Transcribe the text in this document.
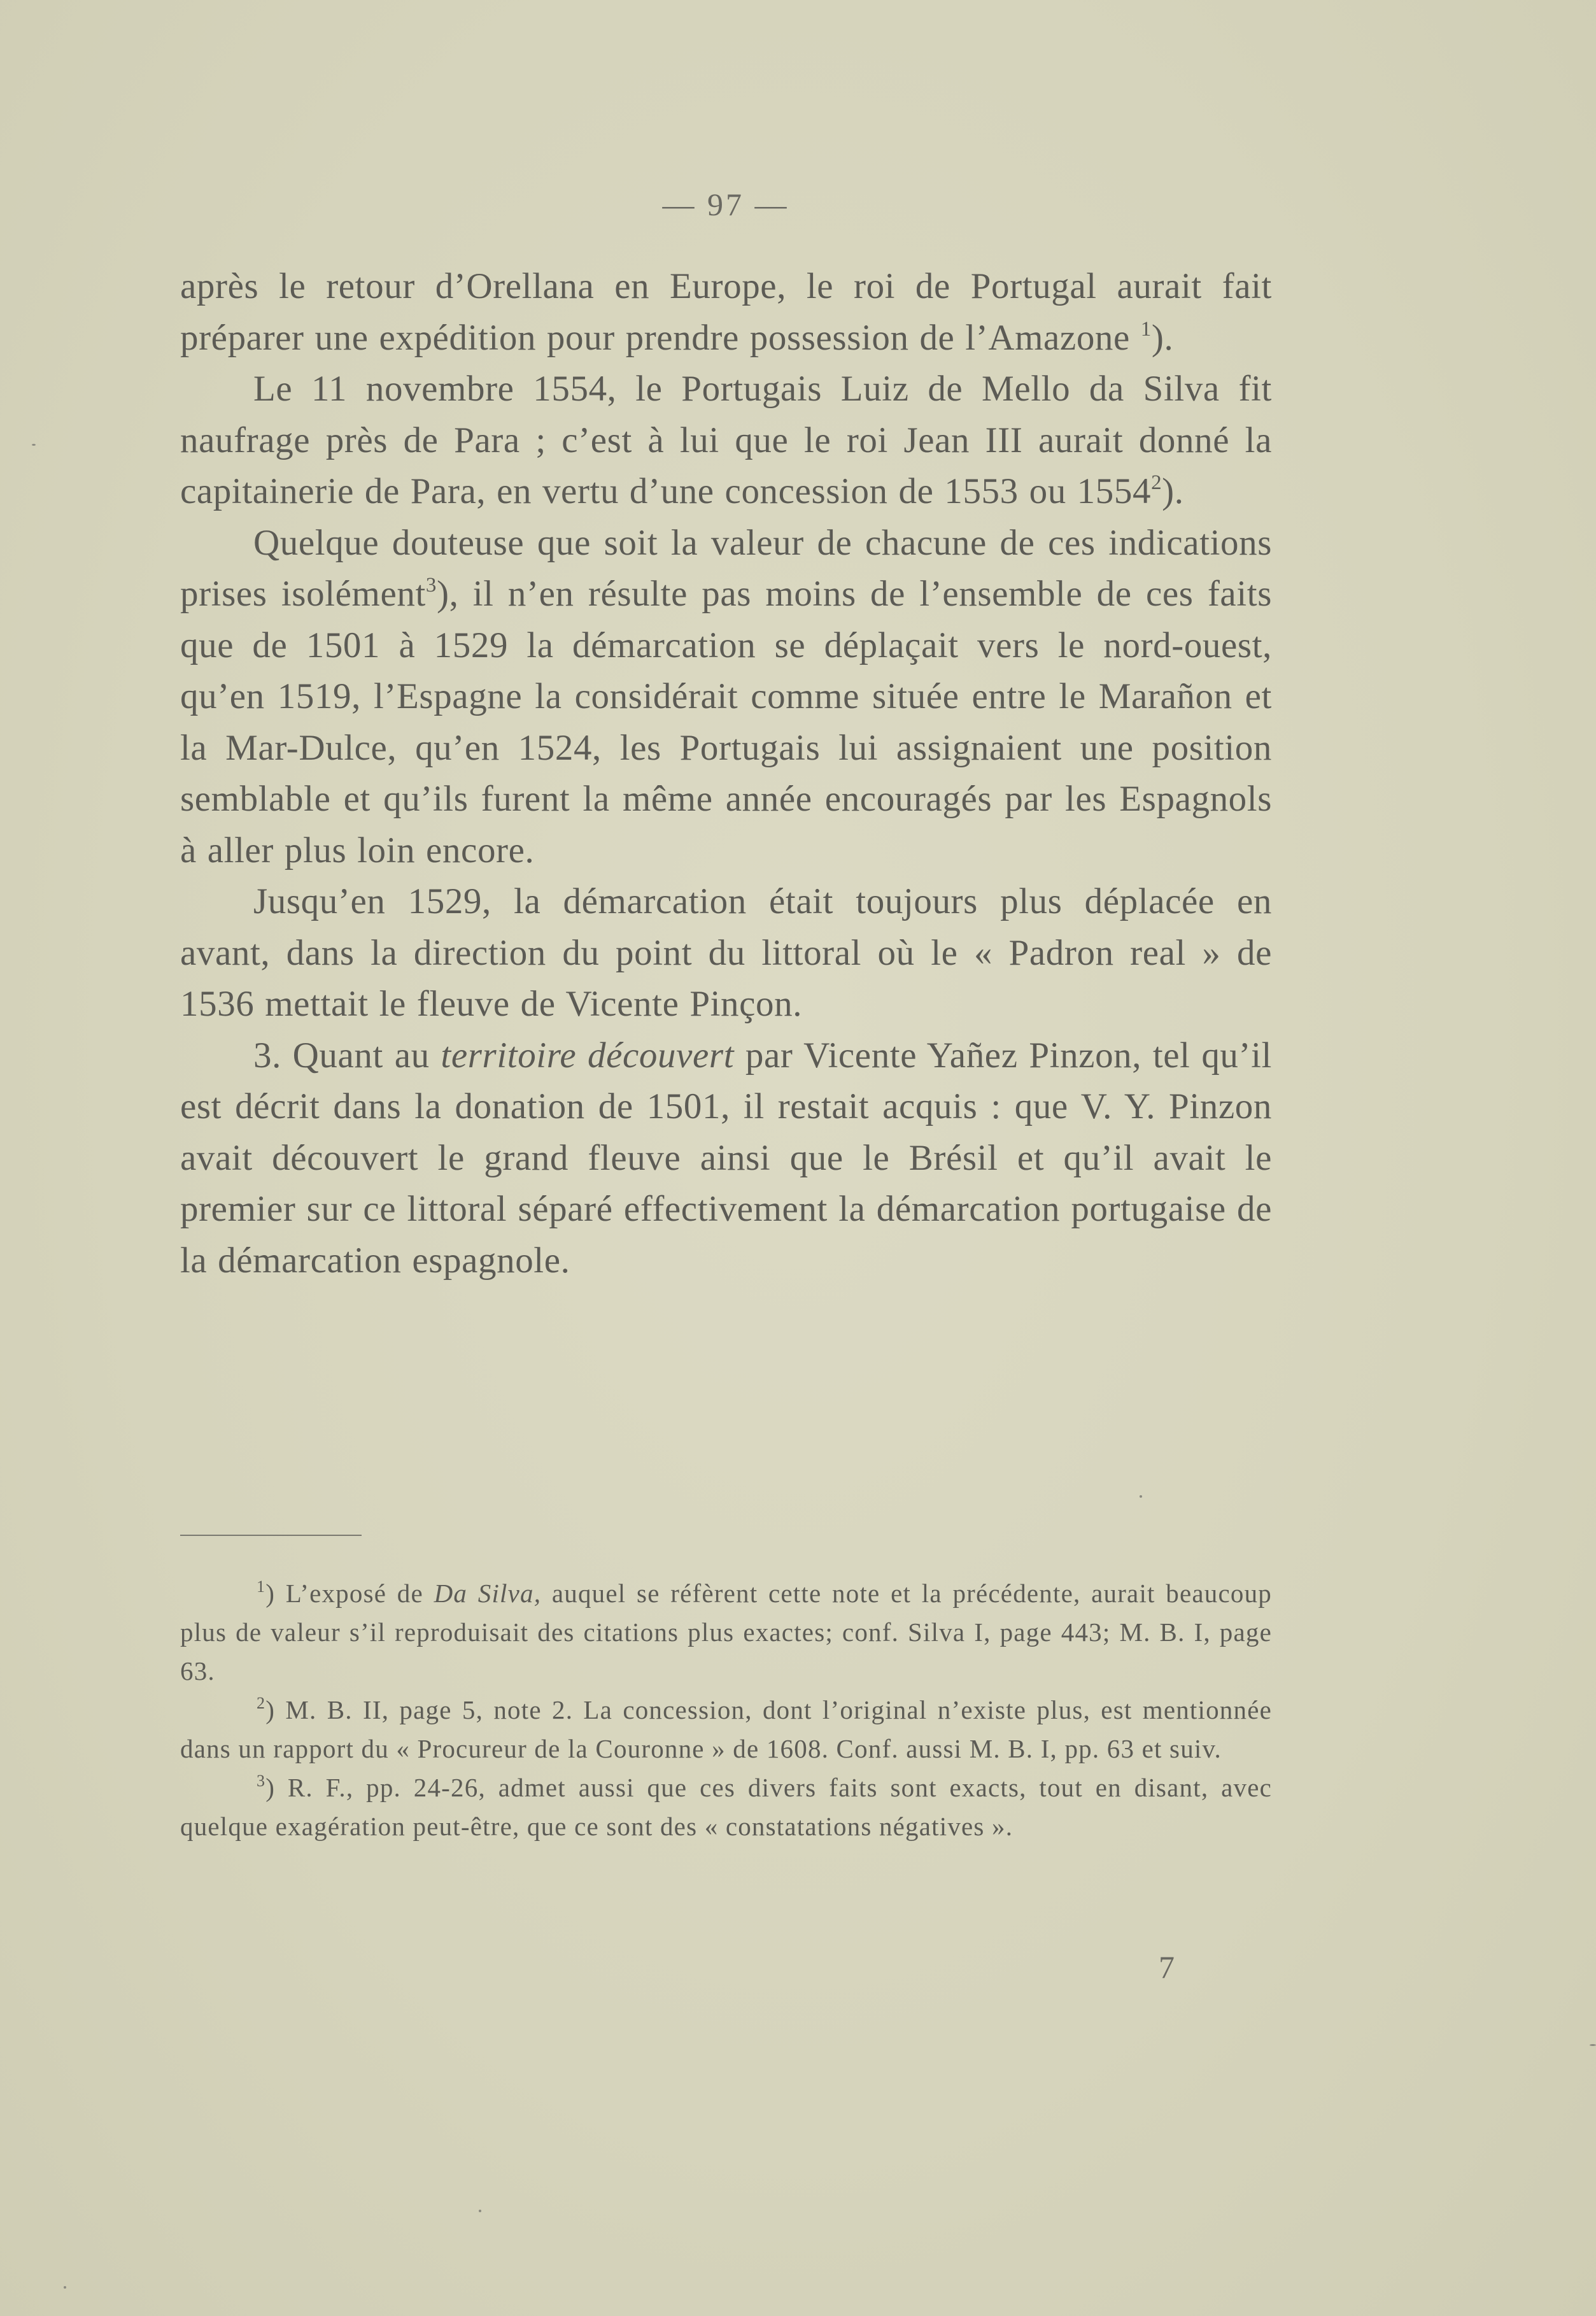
— 97 —

après le retour d’Orellana en Europe, le roi de Portugal aurait fait préparer une expédition pour prendre possession de l’Amazone $^1$).

Le 11 novembre 1554, le Portugais Luiz de Mello da Silva fit naufrage près de Para ; c’est à lui que le roi Jean III aurait donné la capitainerie de Para, en vertu d’une concession de 1553 ou 1554$^2$).

Quelque douteuse que soit la valeur de chacune de ces indications prises isolément$^3$), il n’en résulte pas moins de l’ensemble de ces faits que de 1501 à 1529 la démarcation se déplaçait vers le nord-ouest, qu’en 1519, l’Espagne la considérait comme située entre le Marañon et la Mar-Dulce, qu’en 1524, les Portugais lui assignaient une position semblable et qu’ils furent la même année encouragés par les Espagnols à aller plus loin encore.

Jusqu’en 1529, la démarcation était toujours plus déplacée en avant, dans la direction du point du littoral où le « Padron real » de 1536 mettait le fleuve de Vicente Pinçon.

3. Quant au territoire découvert par Vicente Yañez Pinzon, tel qu’il est décrit dans la donation de 1501, il restait acquis : que V. Y. Pinzon avait découvert le grand fleuve ainsi que le Brésil et qu’il avait le premier sur ce littoral séparé effectivement la démarcation portugaise de la démarcation espagnole.

$^1$) L’exposé de Da Silva, auquel se réfèrent cette note et la précédente, aurait beaucoup plus de valeur s’il reproduisait des citations plus exactes; conf. Silva I, page 443; M. B. I, page 63.

$^2$) M. B. II, page 5, note 2. La concession, dont l’original n’existe plus, est mentionnée dans un rapport du « Procureur de la Couronne » de 1608. Conf. aussi M. B. I, pp. 63 et suiv.

$^3$) R. F., pp. 24-26, admet aussi que ces divers faits sont exacts, tout en disant, avec quelque exagération peut-être, que ce sont des « constatations négatives ».

7
